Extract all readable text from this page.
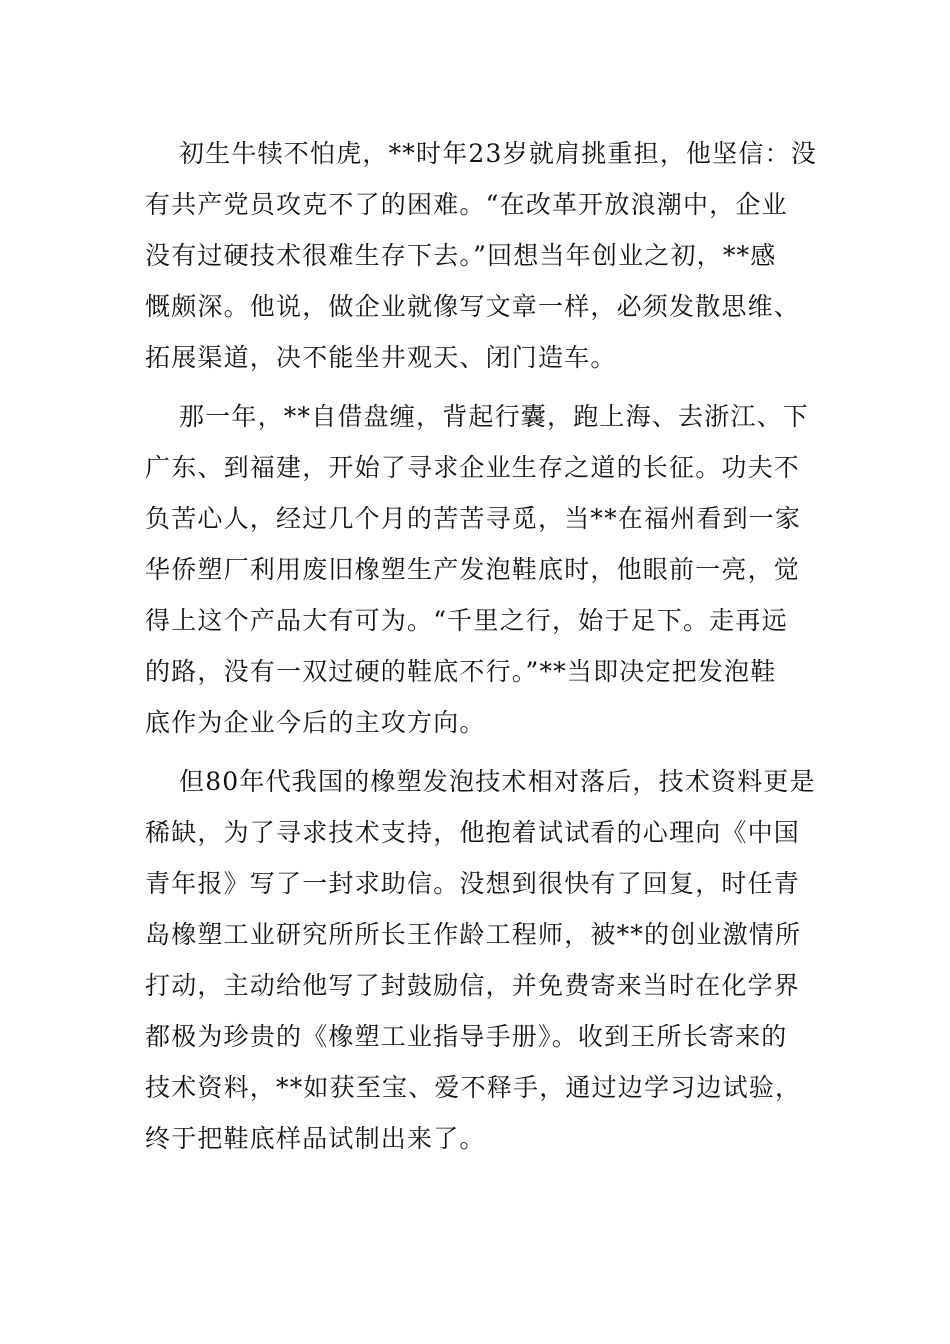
初生牛犊不怕虎，**时年23岁就肩挑重担，他坚信：没
有共产党员攻克不了的困难。“在改革开放浪潮中，企业
没有过硬技术很难生存下去。”回想当年创业之初，**感
慨颇深。他说，做企业就像写文章一样，必须发散思维、
拓展渠道，决不能坐井观天、闭门造车。

那一年，**自借盘缠，背起行囊，跑上海、去浙江、下
广东、到福建，开始了寻求企业生存之道的长征。功夫不
负苦心人，经过几个月的苦苦寻觅，当**在福州看到一家
华侨塑厂利用废旧橡塑生产发泡鞋底时，他眼前一亮，觉
得上这个产品大有可为。“千里之行，始于足下。走再远
的路，没有一双过硬的鞋底不行。”**当即决定把发泡鞋
底作为企业今后的主攻方向。

但80年代我国的橡塑发泡技术相对落后，技术资料更是
稀缺，为了寻求技术支持，他抱着试试看的心理向《中国
青年报》写了一封求助信。没想到很快有了回复，时任青
岛橡塑工业研究所所长王作龄工程师，被**的创业激情所
打动，主动给他写了封鼓励信，并免费寄来当时在化学界
都极为珍贵的《橡塑工业指导手册》。收到王所长寄来的
技术资料，**如获至宝、爱不释手，通过边学习边试验，
终于把鞋底样品试制出来了。
